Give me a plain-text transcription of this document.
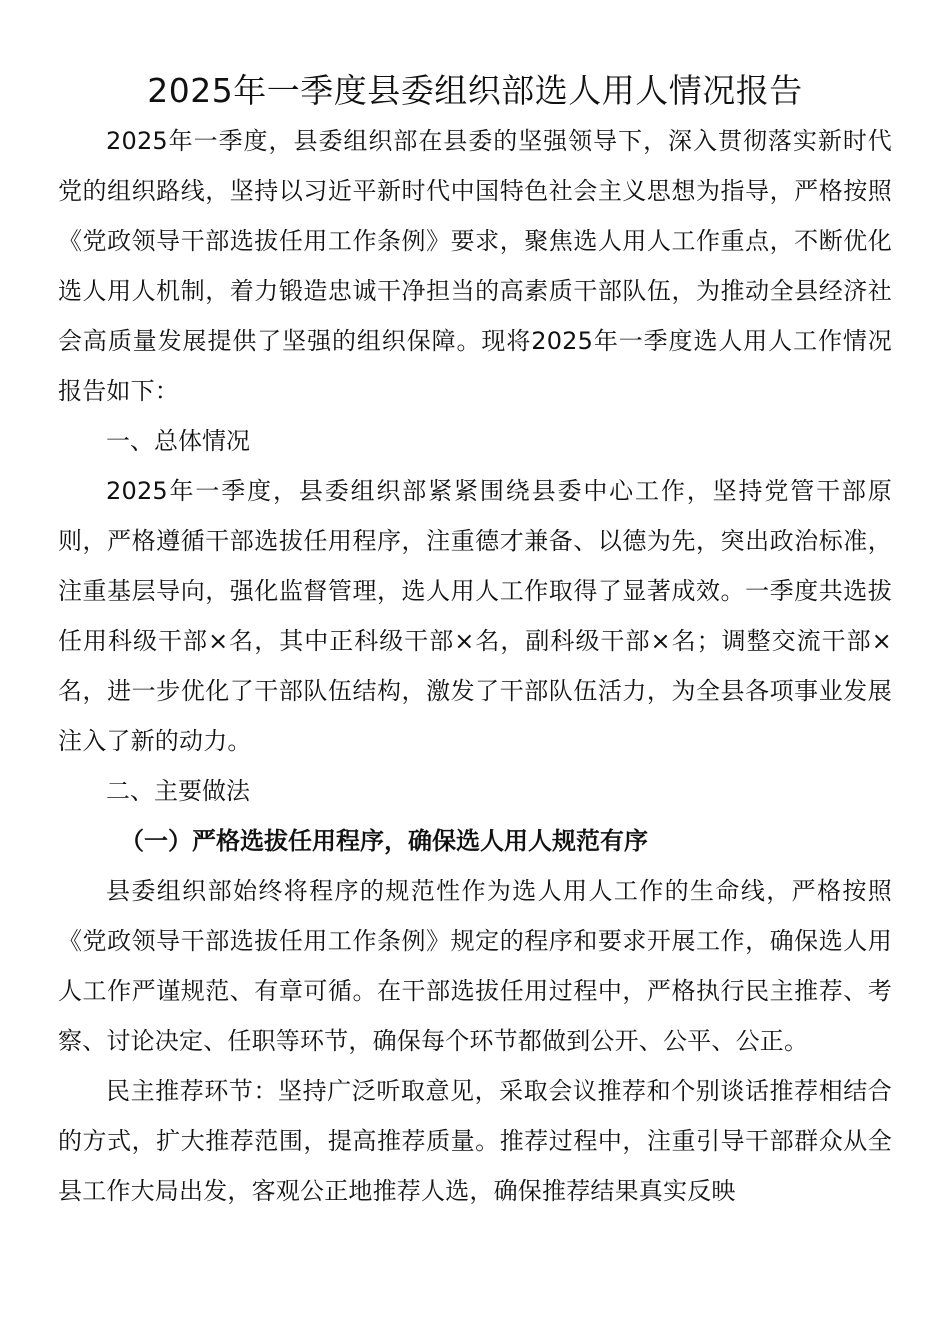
2025年一季度县委组织部选人用人情况报告

2025年一季度，县委组织部在县委的坚强领导下，深入贯彻落实新时代党的组织路线，坚持以习近平新时代中国特色社会主义思想为指导，严格按照《党政领导干部选拔任用工作条例》要求，聚焦选人用人工作重点，不断优化选人用人机制，着力锻造忠诚干净担当的高素质干部队伍，为推动全县经济社会高质量发展提供了坚强的组织保障。现将2025年一季度选人用人工作情况报告如下：

一、总体情况

2025年一季度，县委组织部紧紧围绕县委中心工作，坚持党管干部原则，严格遵循干部选拔任用程序，注重德才兼备、以德为先，突出政治标准，注重基层导向，强化监督管理，选人用人工作取得了显著成效。一季度共选拔任用科级干部×名，其中正科级干部×名，副科级干部×名；调整交流干部×名，进一步优化了干部队伍结构，激发了干部队伍活力，为全县各项事业发展注入了新的动力。

二、主要做法

（一）严格选拔任用程序，确保选人用人规范有序

县委组织部始终将程序的规范性作为选人用人工作的生命线，严格按照《党政领导干部选拔任用工作条例》规定的程序和要求开展工作，确保选人用人工作严谨规范、有章可循。在干部选拔任用过程中，严格执行民主推荐、考察、讨论决定、任职等环节，确保每个环节都做到公开、公平、公正。

民主推荐环节：坚持广泛听取意见，采取会议推荐和个别谈话推荐相结合的方式，扩大推荐范围，提高推荐质量。推荐过程中，注重引导干部群众从全县工作大局出发，客观公正地推荐人选，确保推荐结果真实反映
